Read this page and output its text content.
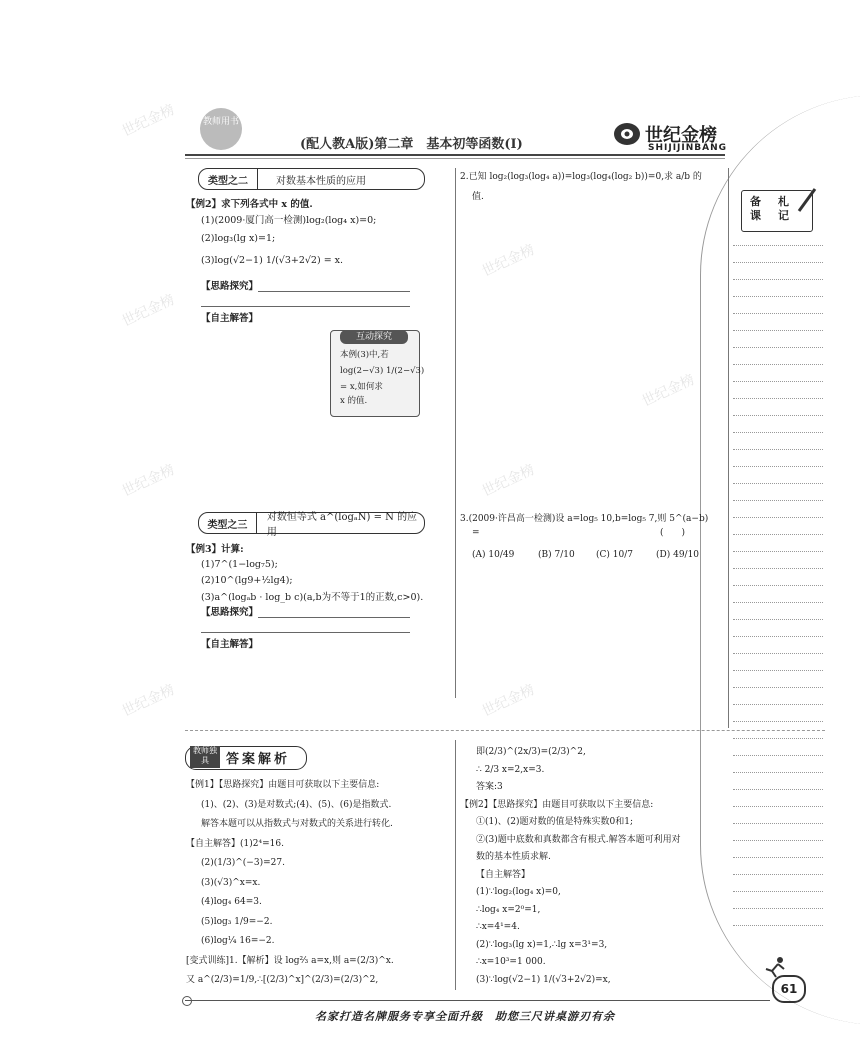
世纪金榜
世纪金榜
世纪金榜
世纪金榜
世纪金榜
世纪金榜
世纪金榜
世纪金榜
教师用书
(配人教A版)第二章　基本初等函数(Ⅰ)	世纪金榜
SHIJIJINBANG
备课
札记
类型之二	对数基本性质的应用
【例2】求下列各式中 x 的值.
(1)(2009·厦门高一检测)log₂(log₄ x)=0;
(2)log₃(lg x)=1;
(3)log(√2−1) 1/(√3+2√2) = x.
【思路探究】
【自主解答】
互动探究
本例(3)中,若
log(2−√3) 1/(2−√3)
= x,如何求
x 的值.
类型之三
对数恒等式 a^(logₐN) = N 的应用
【例3】计算:
(1)7^(1−log₇5);
(2)10^(lg9+½lg4);
(3)a^(logₐb · log_b c)(a,b为不等于1的正数,c>0).
【思路探究】
【自主解答】
2.已知 log₂(log₃(log₄ a))=log₃(log₄(log₂ b))=0,求 a/b 的
值.
3.(2009·许昌高一检测)设 a=log₅ 10,b=log₅ 7,则 5^(a−b)
=	(　　)
(A) 10/49	(B) 7/10 (C) 10/7	(D) 49/10
教师独具	答案解析
【例1】【思路探究】由题目可获取以下主要信息:
(1)、(2)、(3)是对数式;(4)、(5)、(6)是指数式.
解答本题可以从指数式与对数式的关系进行转化.
【自主解答】(1)2⁴=16.
(2)(1/3)^(−3)=27.
(3)(√3)^x=x.
(4)log₄ 64=3.
(5)log₃ 1/9=−2.
(6)log¼ 16=−2.
[变式训练]1.【解析】设 log⅔ a=x,则 a=(2/3)^x.
又 a^(2/3)=1/9,∴[(2/3)^x]^(2/3)=(2/3)^2,
即(2/3)^(2x/3)=(2/3)^2,
∴ 2/3 x=2,x=3.
答案:3
【例2】【思路探究】由题目可获取以下主要信息:
①(1)、(2)题对数的值是特殊实数0和1;
②(3)题中底数和真数都含有根式.解答本题可利用对
数的基本性质求解.
【自主解答】
(1)∵log₂(log₄ x)=0,
∴log₄ x=2⁰=1,
∴x=4¹=4.
(2)∵log₃(lg x)=1,∴lg x=3¹=3,
∴x=10³=1 000.
(3)∵log(√2−1) 1/(√3+2√2)=x,
61
名家打造名牌服务专享全面升级　助您三尺讲桌游刃有余
